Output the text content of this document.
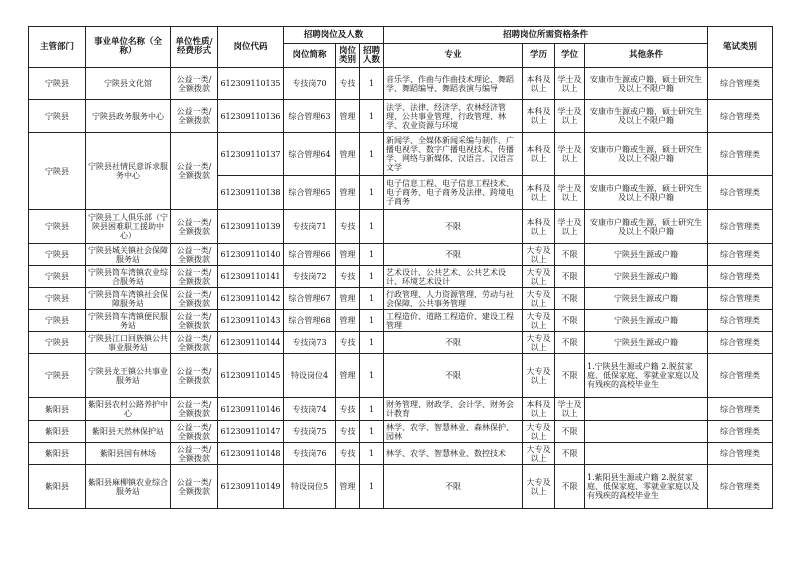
主管部门	事业单位名称（全称）	单位性质/经费形式	岗位代码	招聘岗位及人数			招聘岗位所需资格条件				笔试类别
				岗位简称	岗位类别	招聘人数	专业	学历	学位	其他条件	
宁陕县	宁陕县文化馆	公益一类/全额拨款	612309110135	专技岗70	专技	1	音乐学、作曲与作曲技术理论、舞蹈学、舞蹈编导、舞蹈表演与编导	本科及以上	学士及以上	安康市生源或户籍，硕士研究生及以上不限户籍	综合管理类
宁陕县	宁陕县政务服务中心	公益一类/全额拨款	612309110136	综合管理63	管理	1	法学、法律、经济学、农林经济管理、公共事业管理、行政管理、林学、农业资源与环境	本科及以上	学士及以上	安康市生源或户籍，硕士研究生及以上不限户籍	综合管理类
宁陕县	宁陕县社情民意诉求服务中心	公益一类/全额拨款	612309110137	综合管理64	管理	1	新闻学、全媒体新闻采编与制作、广播电视学、数字广播电视技术、传播学、网络与新媒体、汉语言、汉语言文学	本科及以上	学士及以上	安康市户籍或生源，硕士研究生及以上不限户籍	综合管理类
			612309110138	综合管理65	管理	1	电子信息工程、电子信息工程技术、电子商务、电子商务及法律、跨境电子商务	本科及以上	学士及以上	安康市户籍或生源，硕士研究生及以上不限户籍	综合管理类
宁陕县	宁陕县工人俱乐部（宁陕县困难职工援助中心）	公益一类/全额拨款	612309110139	专技岗71	专技	1	不限	本科及以上	学士及以上	安康市户籍或生源，硕士研究生及以上不限户籍	综合管理类
宁陕县	宁陕县城关镇社会保障服务站	公益一类/全额拨款	612309110140	综合管理66	管理	1	不限	大专及以上	不限	宁陕县生源或户籍	综合管理类
宁陕县	宁陕县筒车湾镇农业综合服务站	公益一类/全额拨款	612309110141	专技岗72	专技	1	艺术设计、公共艺术、公共艺术设计、环境艺术设计	大专及以上	不限	宁陕县生源或户籍	综合管理类
宁陕县	宁陕县筒车湾镇社会保障服务站	公益一类/全额拨款	612309110142	综合管理67	管理	1	行政管理、人力资源管理、劳动与社会保障、公共事务管理	大专及以上	不限	宁陕县生源或户籍	综合管理类
宁陕县	宁陕县筒车湾镇便民服务站	公益一类/全额拨款	612309110143	综合管理68	管理	1	工程造价、道路工程造价、建设工程管理	大专及以上	不限	宁陕县生源或户籍	综合管理类
宁陕县	宁陕县江口回族镇公共事业服务站	公益一类/全额拨款	612309110144	专技岗73	专技	1	不限	大专及以上	不限	宁陕县生源或户籍	综合管理类
宁陕县	宁陕县龙王镇公共事业服务站	公益一类/全额拨款	612309110145	特设岗位4	管理	1	不限	大专及以上	不限	1.宁陕县生源或户籍 2.脱贫家庭、低保家庭、零就业家庭以及有残疾的高校毕业生	综合管理类
紫阳县	紫阳县农村公路养护中心	公益一类/全额拨款	612309110146	专技岗74	专技	1	财务管理、财政学、会计学、财务会计教育	本科及以上	学士及以上		综合管理类
紫阳县	紫阳县天然林保护站	公益一类/全额拨款	612309110147	专技岗75	专技	1	林学、农学、智慧林业、森林保护、园林	大专及以上	不限		综合管理类
紫阳县	紫阳县国有林场	公益一类/全额拨款	612309110148	专技岗76	专技	1	林学、农学、智慧林业、数控技术	大专及以上	不限		综合管理类
紫阳县	紫阳县麻柳镇农业综合服务站	公益一类/全额拨款	612309110149	特设岗位5	管理	1	不限	大专及以上	不限	1.紫阳县生源或户籍 2.脱贫家庭、低保家庭、零就业家庭以及有残疾的高校毕业生	综合管理类
